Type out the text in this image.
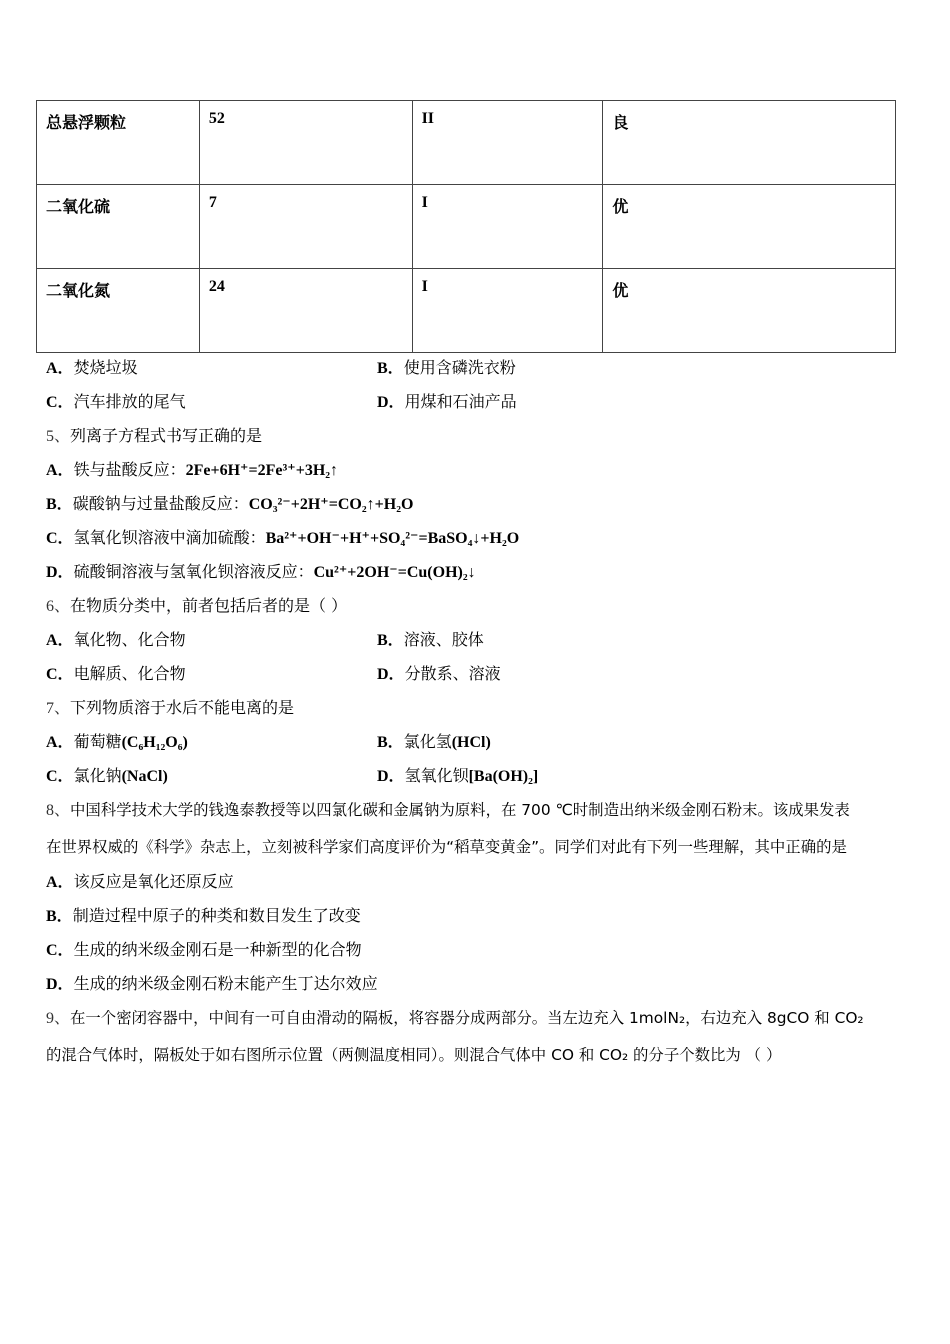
总悬浮颗粒	52	II	良
二氧化硫	7	I	优
二氧化氮	24	I	优
A．焚烧垃圾	B．使用含磷洗衣粉
C．汽车排放的尾气	D．用煤和石油产品
5、列离子方程式书写正确的是
A．铁与盐酸反应：2Fe+6H⁺=2Fe³⁺+3H₂↑
B．碳酸钠与过量盐酸反应：CO₃²⁻+2H⁺=CO₂↑+H₂O
C．氢氧化钡溶液中滴加硫酸：Ba²⁺+OH⁻+H⁺+SO₄²⁻=BaSO₄↓+H₂O
D．硫酸铜溶液与氢氧化钡溶液反应：Cu²⁺+2OH⁻=Cu(OH)₂↓
6、在物质分类中，前者包括后者的是（ ）
A．氧化物、化合物	B．溶液、胶体
C．电解质、化合物	D．分散系、溶液
7、下列物质溶于水后不能电离的是
A．葡萄糖(C₆H₁₂O₆)	B．氯化氢(HCl)
C．氯化钠(NaCl)	D．氢氧化钡[Ba(OH)₂]
8、中国科学技术大学的钱逸泰教授等以四氯化碳和金属钠为原料，在 700 ℃时制造出纳米级金刚石粉末。该成果发表
在世界权威的《科学》杂志上，立刻被科学家们高度评价为“稻草变黄金”。同学们对此有下列一些理解，其中正确的是
A．该反应是氧化还原反应
B．制造过程中原子的种类和数目发生了改变
C．生成的纳米级金刚石是一种新型的化合物
D．生成的纳米级金刚石粉末能产生丁达尔效应
9、在一个密闭容器中，中间有一可自由滑动的隔板，将容器分成两部分。当左边充入 1molN₂，右边充入 8gCO 和 CO₂
的混合气体时，隔板处于如右图所示位置（两侧温度相同）。则混合气体中 CO 和 CO₂ 的分子个数比为 （ ）
